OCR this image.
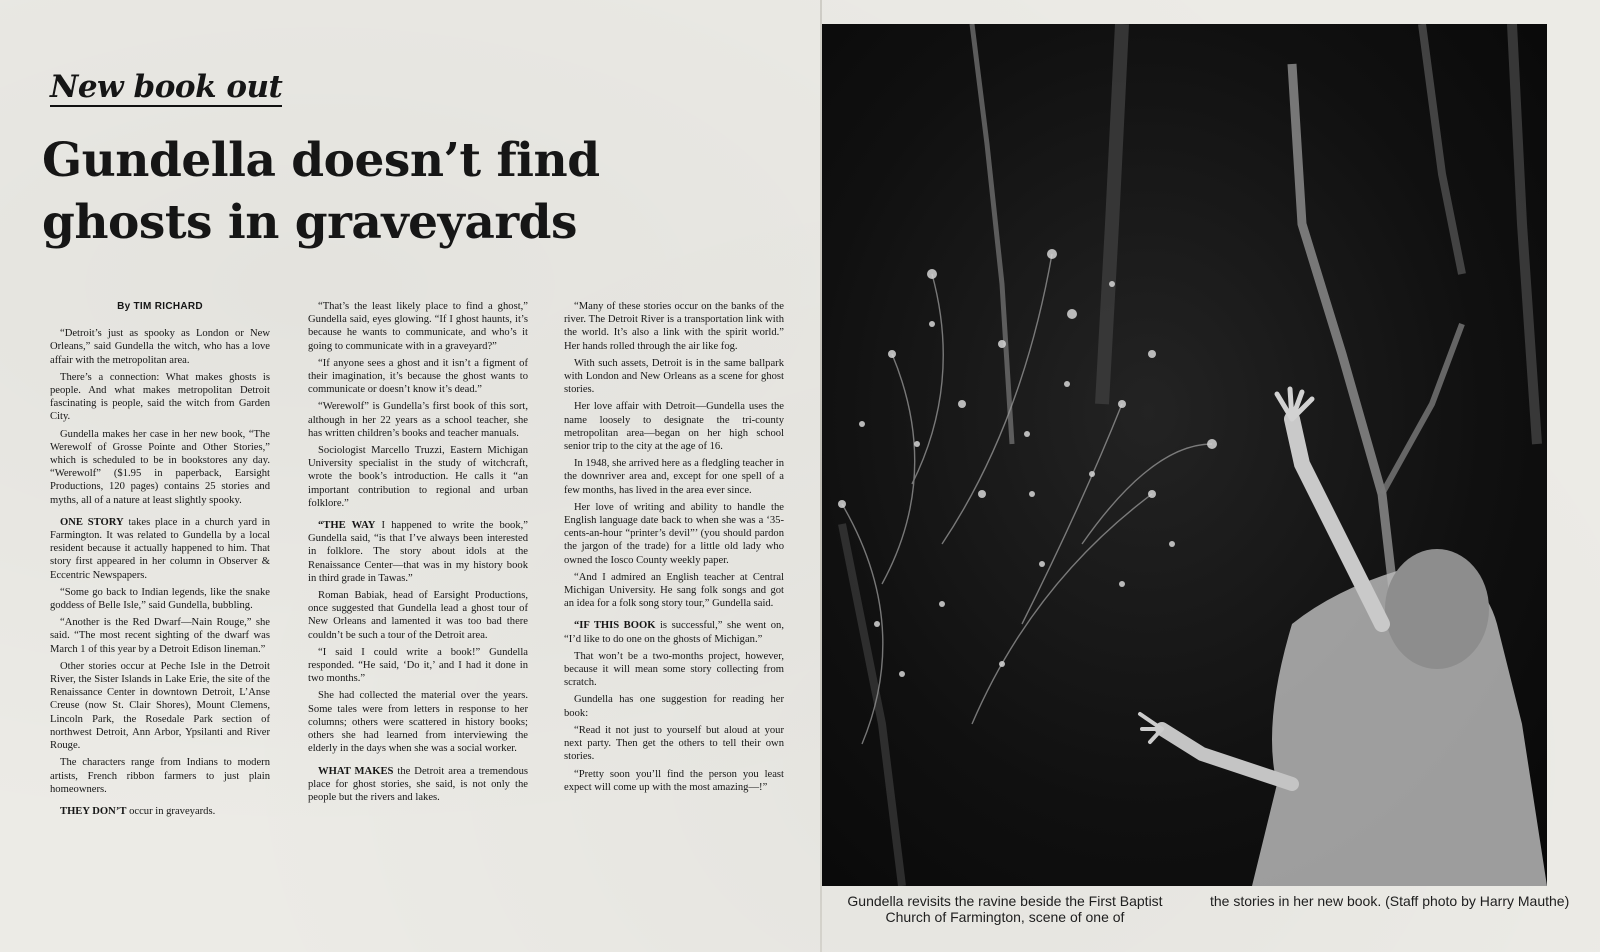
New book out
Gundella doesn’t find ghosts in graveyards
By TIM RICHARD

“Detroit’s just as spooky as London or New Orleans,” said Gundella the witch, who has a love affair with the metropolitan area.

There’s a connection: What makes ghosts is people. And what makes metropolitan Detroit fascinating is people, said the witch from Garden City.

Gundella makes her case in her new book, “The Werewolf of Grosse Pointe and Other Stories,” which is scheduled to be in bookstores any day. “Werewolf” ($1.95 in paperback, Earsight Productions, 120 pages) contains 25 stories and myths, all of a nature at least slightly spooky.

ONE STORY takes place in a church yard in Farmington. It was related to Gundella by a local resident because it actually happened to him. That story first appeared in her column in Observer & Eccentric Newspapers.

“Some go back to Indian legends, like the snake goddess of Belle Isle,” said Gundella, bubbling.

“Another is the Red Dwarf—Nain Rouge,” she said. “The most recent sighting of the dwarf was March 1 of this year by a Detroit Edison lineman.”

Other stories occur at Peche Isle in the Detroit River, the Sister Islands in Lake Erie, the site of the Renaissance Center in downtown Detroit, L’Anse Creuse (now St. Clair Shores), Mount Clemens, Lincoln Park, the Rosedale Park section of northwest Detroit, Ann Arbor, Ypsilanti and River Rouge.

The characters range from Indians to modern artists, French ribbon farmers to just plain homeowners.

THEY DON’T occur in graveyards.

“That’s the least likely place to find a ghost,” Gundella said, eyes glowing. “If I ghost haunts, it’s because he wants to communicate, and who’s it going to communicate with in a graveyard?”

“If anyone sees a ghost and it isn’t a figment of their imagination, it’s because the ghost wants to communicate or doesn’t know it’s dead.”

“Werewolf” is Gundella’s first book of this sort, although in her 22 years as a school teacher, she has written children’s books and teacher manuals.

Sociologist Marcello Truzzi, Eastern Michigan University specialist in the study of witchcraft, wrote the book’s introduction. He calls it “an important contribution to regional and urban folklore.”

“THE WAY I happened to write the book,” Gundella said, “is that I’ve always been interested in folklore. The story about idols at the Renaissance Center—that was in my history book in third grade in Tawas.”

Roman Babiak, head of Earsight Productions, once suggested that Gundella lead a ghost tour of New Orleans and lamented it was too bad there couldn’t be such a tour of the Detroit area.

“I said I could write a book!” Gundella responded. “He said, ‘Do it,’ and I had it done in two months.”

She had collected the material over the years. Some tales were from letters in response to her columns; others were scattered in history books; others she had learned from interviewing the elderly in the days when she was a social worker.

WHAT MAKES the Detroit area a tremendous place for ghost stories, she said, is not only the people but the rivers and lakes.

“Many of these stories occur on the banks of the river. The Detroit River is a transportation link with the world. It’s also a link with the spirit world.” Her hands rolled through the air like fog.

With such assets, Detroit is in the same ballpark with London and New Orleans as a scene for ghost stories.

Her love affair with Detroit—Gundella uses the name loosely to designate the tri-county metropolitan area—began on her high school senior trip to the city at the age of 16.

In 1948, she arrived here as a fledgling teacher in the downriver area and, except for one spell of a few months, has lived in the area ever since.

Her love of writing and ability to handle the English language date back to when she was a ‘35-cents-an-hour “printer’s devil”’ (you should pardon the jargon of the trade) for a little old lady who owned the Iosco County weekly paper.

“And I admired an English teacher at Central Michigan University. He sang folk songs and got an idea for a folk song story tour,” Gundella said.

“IF THIS BOOK is successful,” she went on, “I’d like to do one on the ghosts of Michigan.”

That won’t be a two-months project, however, because it will mean some story collecting from scratch.

Gundella has one suggestion for reading her book:

“Read it not just to yourself but aloud at your next party. Then get the others to tell their own stories.

“Pretty soon you’ll find the person you least expect will come up with the most amazing—!”

Gundella revisits the ravine beside the First Baptist Church of Farmington, scene of one of
the stories in her new book. (Staff photo by Harry Mauthe)
